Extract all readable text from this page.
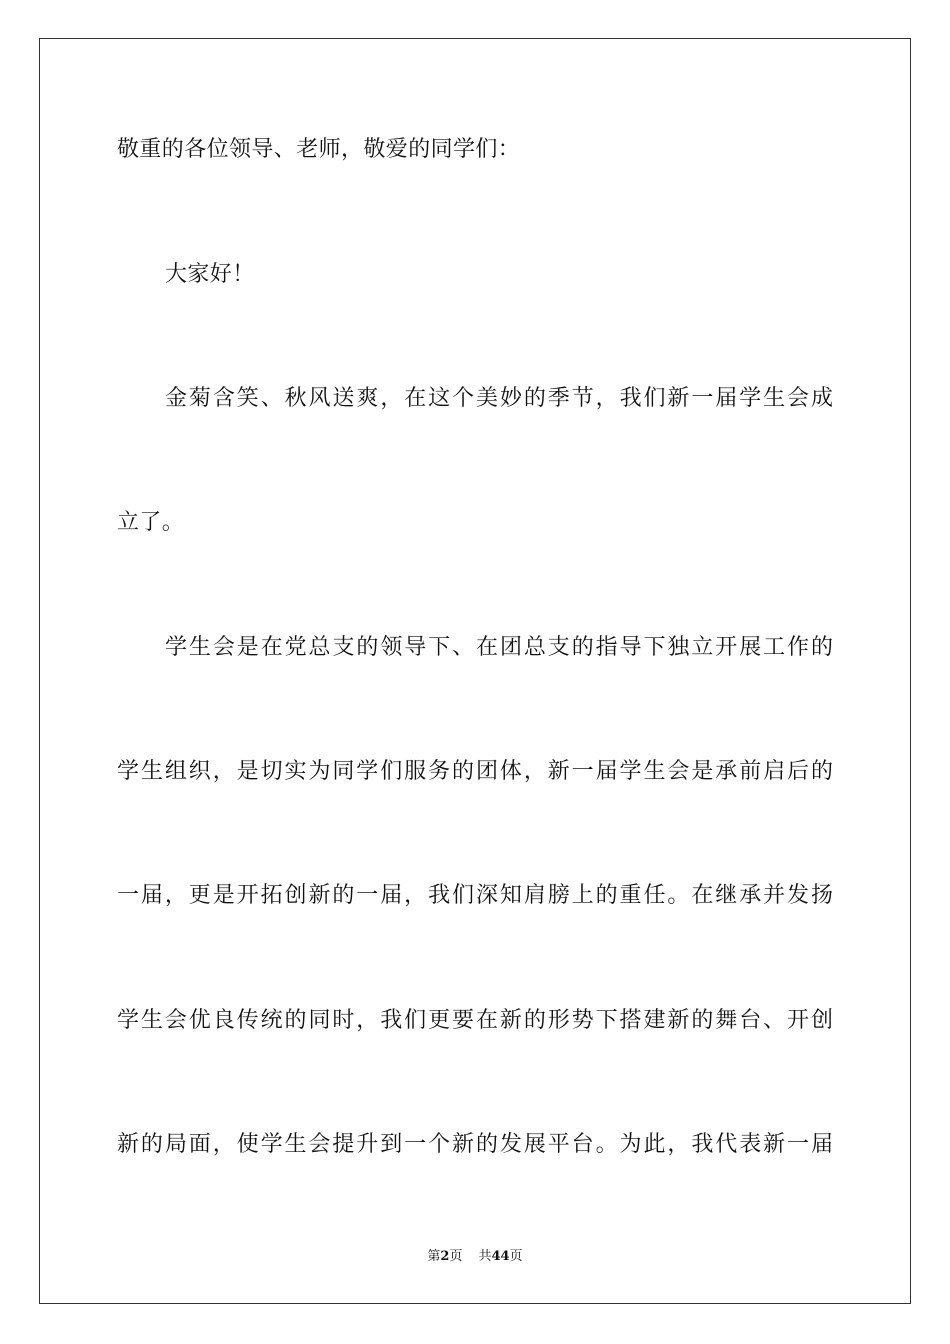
敬重的各位领导、老师，敬爱的同学们：
大家好！
金菊含笑、秋风送爽，在这个美妙的季节，我们新一届学生会成
立了。
学生会是在党总支的领导下、在团总支的指导下独立开展工作的
学生组织，是切实为同学们服务的团体，新一届学生会是承前启后的
一届，更是开拓创新的一届，我们深知肩膀上的重任。在继承并发扬
学生会优良传统的同时，我们更要在新的形势下搭建新的舞台、开创
新的局面，使学生会提升到一个新的发展平台。为此，我代表新一届
第2页 共44页
